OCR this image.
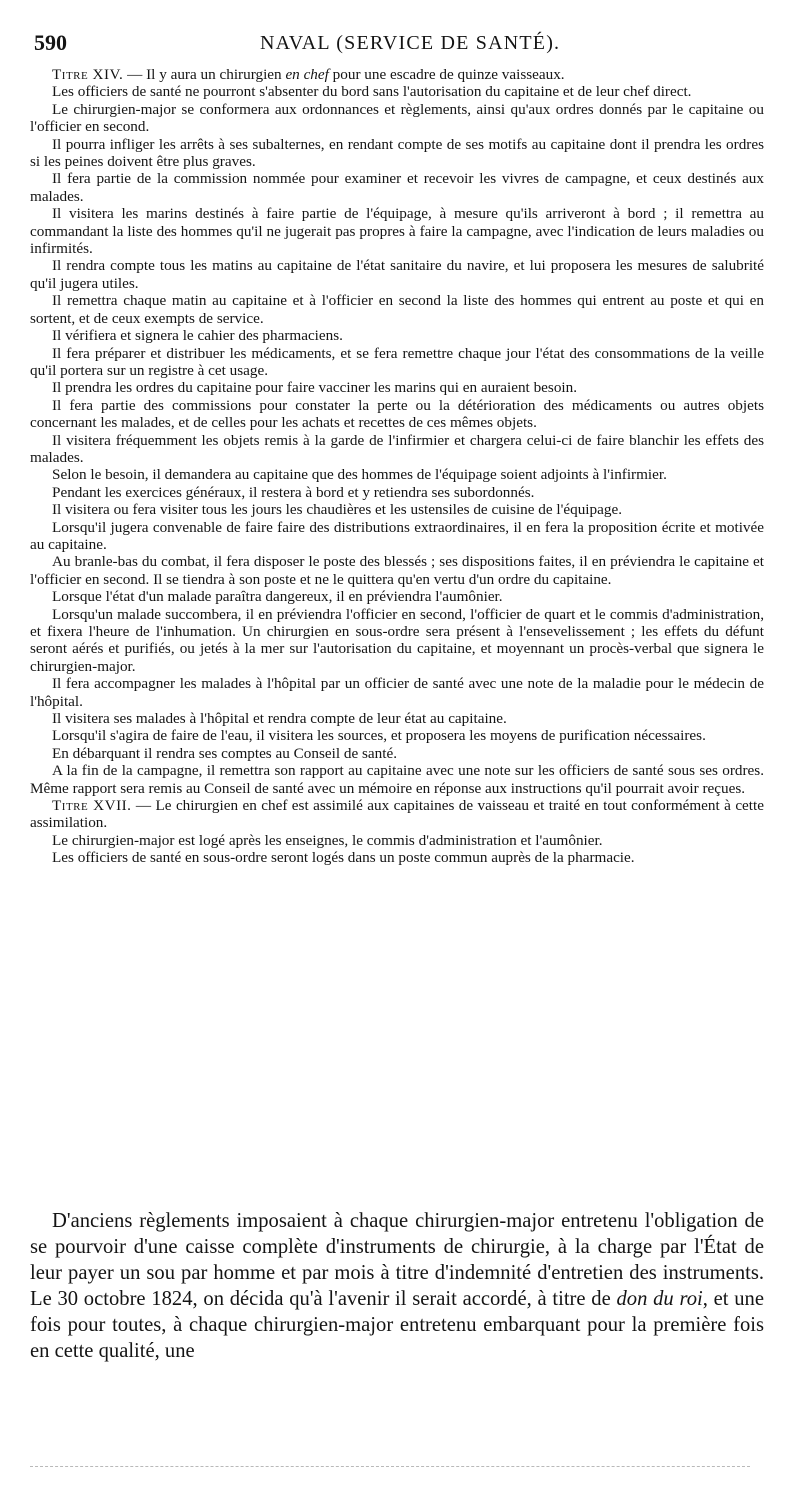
590	NAVAL (SERVICE DE SANTÉ).

Titre XIV. — Il y aura un chirurgien en chef pour une escadre de quinze vaisseaux.

Les officiers de santé ne pourront s'absenter du bord sans l'autorisation du capitaine et de leur chef direct.

Le chirurgien-major se conformera aux ordonnances et règlements, ainsi qu'aux ordres donnés par le capitaine ou l'officier en second.

Il pourra infliger les arrêts à ses subalternes, en rendant compte de ses motifs au capitaine dont il prendra les ordres si les peines doivent être plus graves.

Il fera partie de la commission nommée pour examiner et recevoir les vivres de campagne, et ceux destinés aux malades.

Il visitera les marins destinés à faire partie de l'équipage, à mesure qu'ils arriveront à bord ; il remettra au commandant la liste des hommes qu'il ne jugerait pas propres à faire la campagne, avec l'indication de leurs maladies ou infirmités.

Il rendra compte tous les matins au capitaine de l'état sanitaire du navire, et lui proposera les mesures de salubrité qu'il jugera utiles.

Il remettra chaque matin au capitaine et à l'officier en second la liste des hommes qui entrent au poste et qui en sortent, et de ceux exempts de service.

Il vérifiera et signera le cahier des pharmaciens.

Il fera préparer et distribuer les médicaments, et se fera remettre chaque jour l'état des consommations de la veille qu'il portera sur un registre à cet usage.

Il prendra les ordres du capitaine pour faire vacciner les marins qui en auraient besoin.

Il fera partie des commissions pour constater la perte ou la détérioration des médicaments ou autres objets concernant les malades, et de celles pour les achats et recettes de ces mêmes objets.

Il visitera fréquemment les objets remis à la garde de l'infirmier et chargera celui-ci de faire blanchir les effets des malades.

Selon le besoin, il demandera au capitaine que des hommes de l'équipage soient adjoints à l'infirmier.

Pendant les exercices généraux, il restera à bord et y retiendra ses subordonnés.

Il visitera ou fera visiter tous les jours les chaudières et les ustensiles de cuisine de l'équipage.

Lorsqu'il jugera convenable de faire faire des distributions extraordinaires, il en fera la proposition écrite et motivée au capitaine.

Au branle-bas du combat, il fera disposer le poste des blessés ; ses dispositions faites, il en préviendra le capitaine et l'officier en second. Il se tiendra à son poste et ne le quittera qu'en vertu d'un ordre du capitaine.

Lorsque l'état d'un malade paraîtra dangereux, il en préviendra l'aumônier.

Lorsqu'un malade succombera, il en préviendra l'officier en second, l'officier de quart et le commis d'administration, et fixera l'heure de l'inhumation. Un chirurgien en sous-ordre sera présent à l'ensevelissement ; les effets du défunt seront aérés et purifiés, ou jetés à la mer sur l'autorisation du capitaine, et moyennant un procès-verbal que signera le chirurgien-major.

Il fera accompagner les malades à l'hôpital par un officier de santé avec une note de la maladie pour le médecin de l'hôpital.

Il visitera ses malades à l'hôpital et rendra compte de leur état au capitaine.

Lorsqu'il s'agira de faire de l'eau, il visitera les sources, et proposera les moyens de purification nécessaires.

En débarquant il rendra ses comptes au Conseil de santé.

A la fin de la campagne, il remettra son rapport au capitaine avec une note sur les officiers de santé sous ses ordres. Même rapport sera remis au Conseil de santé avec un mémoire en réponse aux instructions qu'il pourrait avoir reçues.

Titre XVII. — Le chirurgien en chef est assimilé aux capitaines de vaisseau et traité en tout conformément à cette assimilation.

Le chirurgien-major est logé après les enseignes, le commis d'administration et l'aumônier.

Les officiers de santé en sous-ordre seront logés dans un poste commun auprès de la pharmacie.

D'anciens règlements imposaient à chaque chirurgien-major entretenu l'obligation de se pourvoir d'une caisse complète d'instruments de chirurgie, à la charge par l'État de leur payer un sou par homme et par mois à titre d'indemnité d'entretien des instruments. Le 30 octobre 1824, on décida qu'à l'avenir il serait accordé, à titre de don du roi, et une fois pour toutes, à chaque chirurgien-major entretenu embarquant pour la première fois en cette qualité, une
